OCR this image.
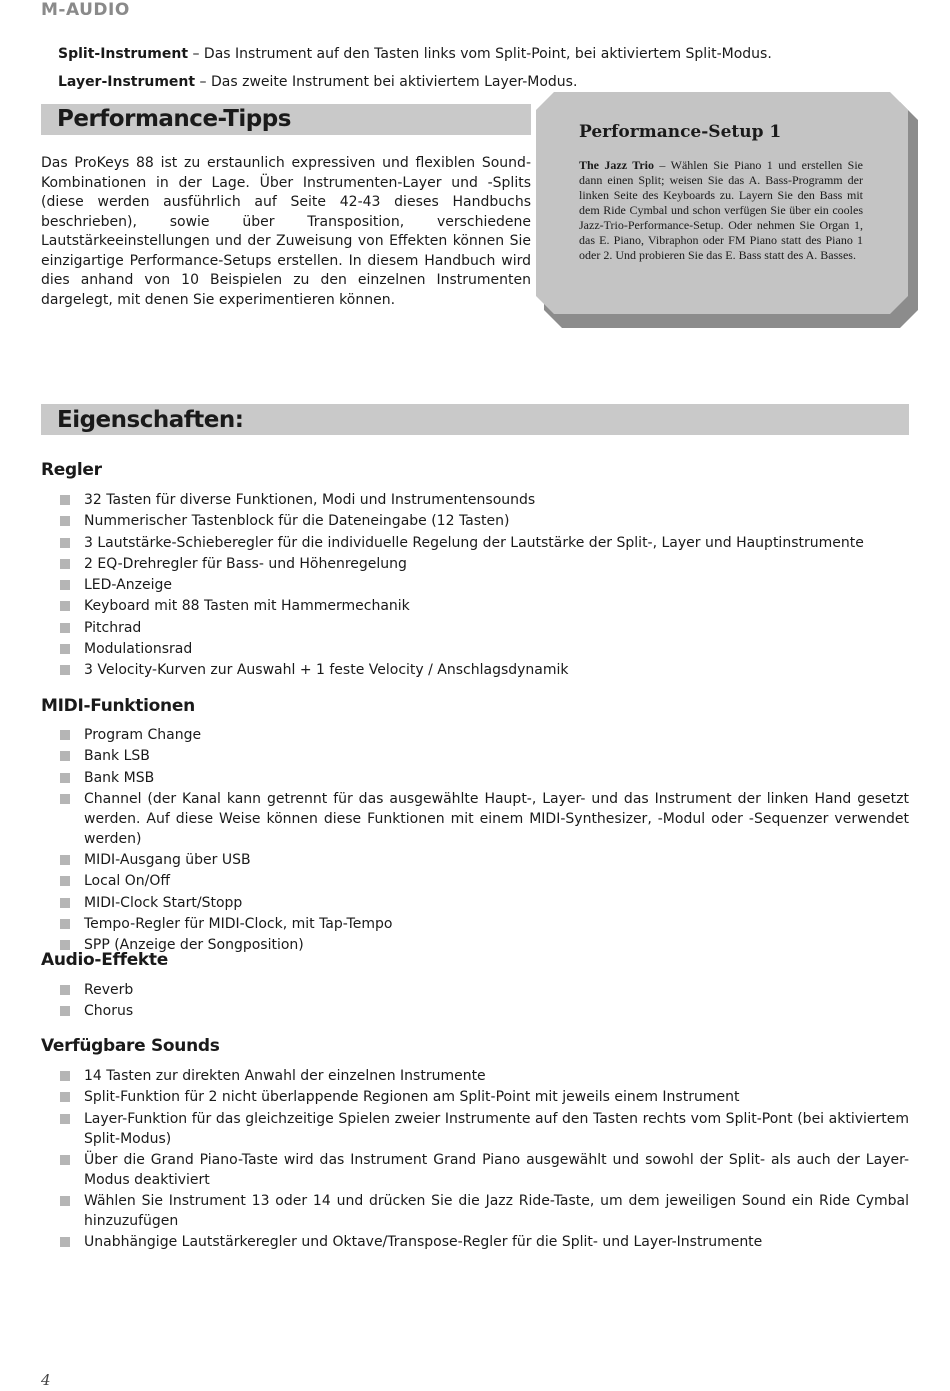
M-AUDIO
Split-Instrument – Das Instrument auf den Tasten links vom Split-Point, bei aktiviertem Split-Modus.
Layer-Instrument – Das zweite Instrument bei aktiviertem Layer-Modus.
Performance-Tipps
Das ProKeys 88 ist zu erstaunlich expressiven und flexiblen Sound-Kombinationen in der Lage. Über Instrumenten-Layer und -Splits (diese werden ausführlich auf Seite 42-43 dieses Handbuchs beschrieben), sowie über Transposition, verschiedene Lautstärkeeinstellungen und der Zuweisung von Effekten können Sie einzigartige Performance-Setups erstellen. In diesem Handbuch wird dies anhand von 10 Beispielen zu den einzelnen Instrumenten dargelegt, mit denen Sie experimentieren können.
Performance-Setup 1
The Jazz Trio – Wählen Sie Piano 1 und erstellen Sie dann einen Split; weisen Sie das A. Bass-Programm der linken Seite des Keyboards zu. Layern Sie den Bass mit dem Ride Cymbal und schon verfügen Sie über ein cooles Jazz-Trio-Performance-Setup. Oder nehmen Sie Organ 1, das E. Piano, Vibraphon oder FM Piano statt des Piano 1 oder 2. Und probieren Sie das E. Bass statt des A. Basses.
Eigenschaften:
Regler
32 Tasten für diverse Funktionen, Modi und Instrumentensounds
Nummerischer Tastenblock für die Dateneingabe (12 Tasten)
3 Lautstärke-Schieberegler für die individuelle Regelung der Lautstärke der Split-, Layer und Hauptinstrumente
2 EQ-Drehregler für Bass- und Höhenregelung
LED-Anzeige
Keyboard mit 88 Tasten mit Hammermechanik
Pitchrad
Modulationsrad
3 Velocity-Kurven zur Auswahl + 1 feste Velocity / Anschlagsdynamik
MIDI-Funktionen
Program Change
Bank LSB
Bank MSB
Channel (der Kanal kann getrennt für das ausgewählte Haupt-, Layer- und das Instrument der linken Hand gesetzt werden. Auf diese Weise können diese Funktionen mit einem MIDI-Synthesizer, -Modul oder -Sequenzer verwendet werden)
MIDI-Ausgang über USB
Local On/Off
MIDI-Clock Start/Stopp
Tempo-Regler für MIDI-Clock, mit Tap-Tempo
SPP (Anzeige der Songposition)
Audio-Effekte
Reverb
Chorus
Verfügbare Sounds
14 Tasten zur direkten Anwahl der einzelnen Instrumente
Split-Funktion für 2 nicht überlappende Regionen am Split-Point mit jeweils einem Instrument
Layer-Funktion für das gleichzeitige Spielen zweier Instrumente auf den Tasten rechts vom Split-Pont (bei aktiviertem Split-Modus)
Über die Grand Piano-Taste wird das Instrument Grand Piano ausgewählt und sowohl der Split- als auch der Layer-Modus deaktiviert
Wählen Sie Instrument 13 oder 14 und drücken Sie die Jazz Ride-Taste, um dem jeweiligen Sound ein Ride Cymbal hinzuzufügen
Unabhängige Lautstärkeregler und Oktave/Transpose-Regler für die Split- und Layer-Instrumente
4
